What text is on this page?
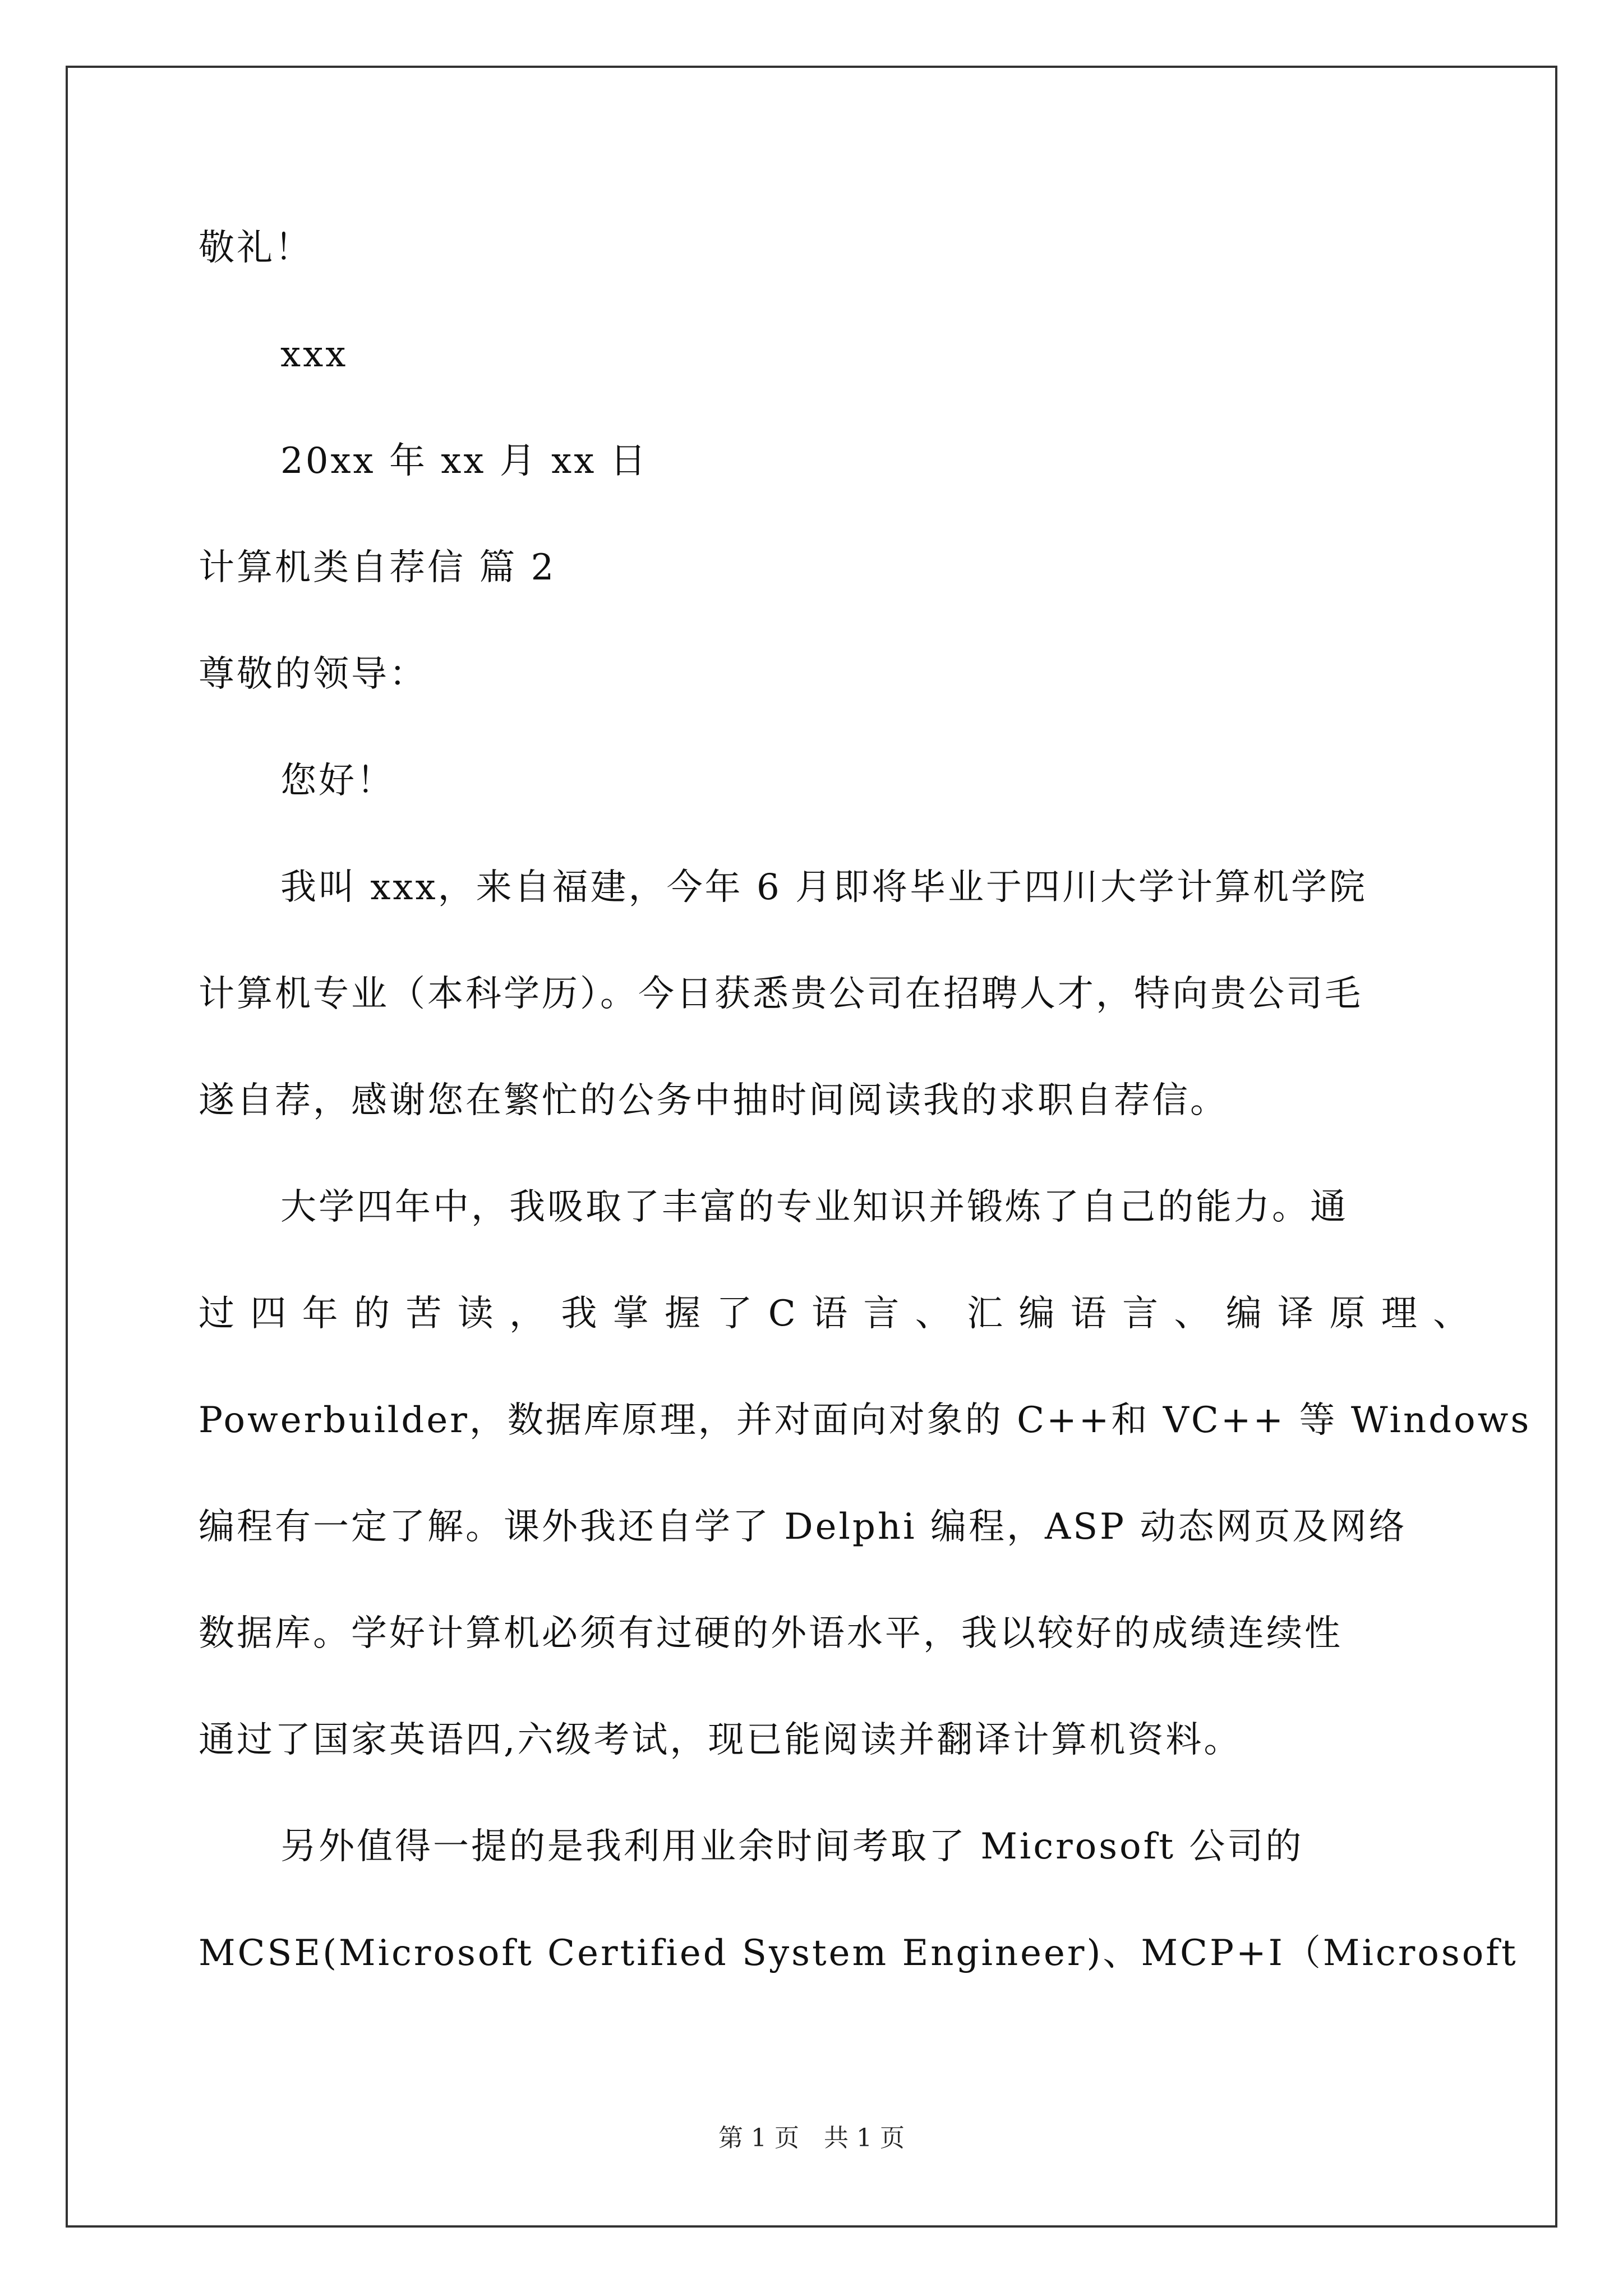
敬礼！
xxx
20xx 年 xx 月 xx 日
计算机类自荐信 篇 2
尊敬的领导：
您好！
我叫 xxx，来自福建，今年 6 月即将毕业于四川大学计算机学院
计算机专业（本科学历）。今日获悉贵公司在招聘人才，特向贵公司毛
遂自荐，感谢您在繁忙的公务中抽时间阅读我的求职自荐信。
大学四年中，我吸取了丰富的专业知识并锻炼了自己的能力。通
过 四 年 的 苦 读 ， 我 掌 握 了 C 语 言 、 汇 编 语 言 、 编 译 原 理 、
Powerbuilder，数据库原理，并对面向对象的 C++和 VC++ 等 Windows
编程有一定了解。课外我还自学了 Delphi 编程，ASP 动态网页及网络
数据库。学好计算机必须有过硬的外语水平，我以较好的成绩连续性
通过了国家英语四,六级考试，现已能阅读并翻译计算机资料。
另外值得一提的是我利用业余时间考取了 Microsoft 公司的
MCSE(Microsoft Certified System Engineer)、MCP+I（Microsoft
第 1 页　共 1 页
